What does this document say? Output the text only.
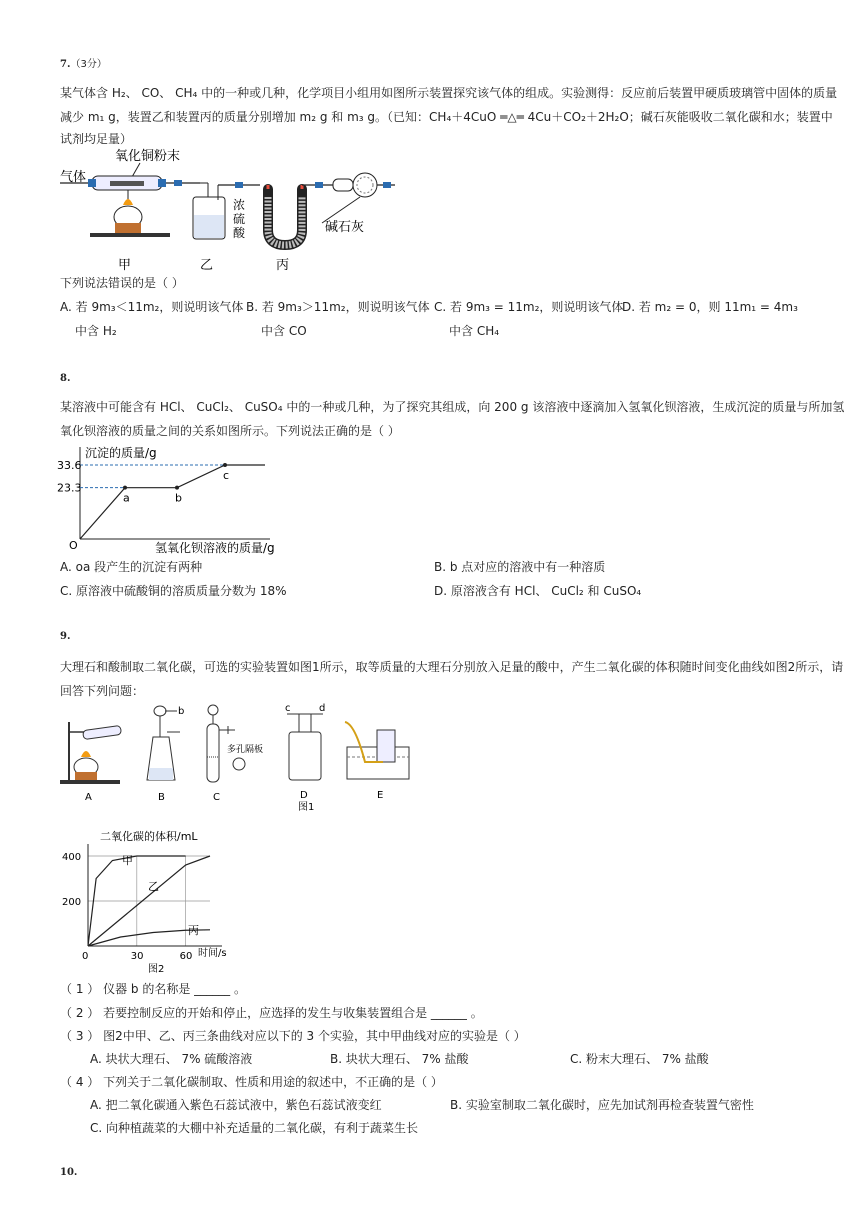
7.（3分）
某气体含 H₂、 CO、 CH₄ 中的一种或几种，化学项目小组用如图所示装置探究该气体的组成。实验测得：反应前后装置甲硬质玻璃管中固体的质量
减少 m₁ g，装置乙和装置丙的质量分别增加 m₂ g 和 m₃ g。（已知：CH₄＋4CuO ═△═ 4Cu＋CO₂＋2H₂O；碱石灰能吸收二氧化碳和水；装置中
试剂均足量）
气体
氧化铜粉末
浓
硫
酸	碱石灰
甲	乙	丙
下列说法错误的是（ ）
A. 若 9m₃＜11m₂，则说明该气体
中含 H₂
B. 若 9m₃＞11m₂，则说明该气体
中含 CO
C. 若 9m₃ = 11m₂，则说明该气体
中含 CH₄
D. 若 m₂ = 0，则 11m₁ = 4m₃
8.
某溶液中可能含有 HCl、 CuCl₂、 CuSO₄ 中的一种或几种，为了探究其组成，向 200 g 该溶液中逐滴加入氢氧化钡溶液，生成沉淀的质量与所加氢
氧化钡溶液的质量之间的关系如图所示。下列说法正确的是（ ）
沉淀的质量/g
33.6
23.3
O
a	b
c
氢氧化钡溶液的质量/g
A. oa 段产生的沉淀有两种	B. b 点对应的溶液中有一种溶质
C. 原溶液中硫酸铜的溶质质量分数为 18%	D. 原溶液含有 HCl、 CuCl₂ 和 CuSO₄
9.
大理石和酸制取二氧化碳，可选的实验装置如图1所示，取等质量的大理石分别放入足量的酸中，产生二氧化碳的体积随时间变化曲线如图2所示，请
回答下列问题：
b
多孔隔板
c	d
A	B	C	D	E
图1
二氧化碳的体积/mL
400
200
0	30	60
甲
乙
丙
时间/s
图2
（ 1 ） 仪器 b 的名称是 ______ 。
（ 2 ） 若要控制反应的开始和停止，应选择的发生与收集装置组合是 ______ 。
（ 3 ） 图2中甲、乙、丙三条曲线对应以下的 3 个实验，其中甲曲线对应的实验是（ ）
A. 块状大理石、 7% 硫酸溶液	B. 块状大理石、 7% 盐酸	C. 粉末大理石、 7% 盐酸
（ 4 ） 下列关于二氧化碳制取、性质和用途的叙述中，不正确的是（ ）
A. 把二氧化碳通入紫色石蕊试液中，紫色石蕊试液变红	B. 实验室制取二氧化碳时，应先加试剂再检查装置气密性
C. 向种植蔬菜的大棚中补充适量的二氧化碳，有利于蔬菜生长
10.
